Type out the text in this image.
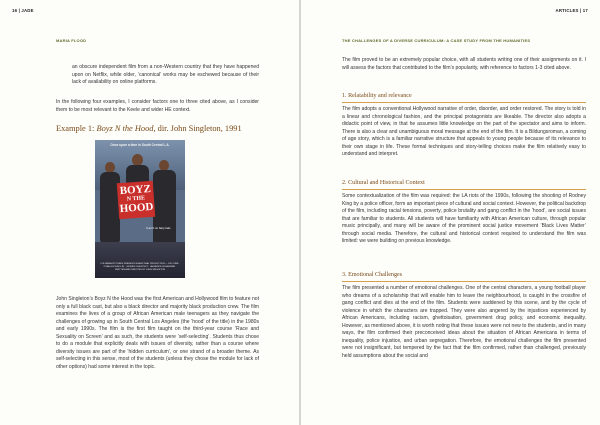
16 | JADE
MARIA FLOOD

an obscure independent film from a non-Western country that they have happened upon on Netflix, while older, ‘canonical’ works may be eschewed because of their lack of availability on online platforms.

In the following four examples, I consider factors one to three cited above, as I consider them to be most relevant to the Keele and wider HE context.

Example 1: Boyz N the Hood, dir. John Singleton, 1991
Once upon a time in South Central L.A.
BOYZ
N THE
HOOD
It ain't no fairy tale.
COLUMBIA PICTURES PRESENTS A NEW DEAL PRODUCTION — ICE CUBE · CUBA GOODING JR. · MORRIS CHESTNUT · LAURENCE FISHBURNE · WRITTEN AND DIRECTED BY JOHN SINGLETON

John Singleton’s Boyz N the Hood was the first American and Hollywood film to feature not only a full black cast, but also a black director and majority black production crew. The film examines the lives of a group of African American male teenagers as they navigate the challenges of growing up in South Central Los Angeles (the ‘hood’ of the title) in the 1980s and early 1990s. The film is the first film taught on the third-year course ‘Race and Sexuality on Screen’ and as such, the students were ‘self-selecting’. Students thus chose to do a module that explicitly deals with issues of diversity, rather than a course where diversity issues are part of the ‘hidden curriculum’, or one strand of a broader theme. As self-selecting in this sense, most of the students (unless they chose the module for lack of other options) had some interest in the topic.

ARTICLES | 17
THE CHALLENGES OF A DIVERSE CURRICULUM: A CASE STUDY FROM THE HUMANITIES

The film proved to be an extremely popular choice, with all students writing one of their assignments on it. I will assess the factors that contributed to the film’s popularity, with reference to factors 1-3 cited above.

1. Relatability and relevance

The film adopts a conventional Hollywood narrative of order, disorder, and order restored. The story is told in a linear and chronological fashion, and the principal protagonists are likeable. The director also adopts a didactic point of view, in that he assumes little knowledge on the part of the spectator and aims to inform. There is also a clear and unambiguous moral message at the end of the film. It is a Bildungsroman, a coming of age story, which is a familiar narrative structure that appeals to young people because of its relevance to their own stage in life. These formal techniques and story-telling choices make the film relatively easy to understand and interpret.

2. Cultural and Historical Context

Some contextualization of the film was required: the LA riots of the 1990s, following the shooting of Rodney King by a police officer, form an important piece of cultural and social context. However, the political backdrop of the film, including racial tensions, poverty, police brutality and gang conflict in the ‘hood’, are social issues that are familiar to students. All students will have familiarity with African American culture, through popular music principally, and many will be aware of the prominent social justice movement ‘Black Lives Matter’ through social media. Therefore, the cultural and historical context required to understand the film was limited: we were building on previous knowledge.

3. Emotional Challenges

The film presented a number of emotional challenges. One of the central characters, a young football player who dreams of a scholarship that will enable him to leave the neighbourhood, is caught in the crossfire of gang conflict and dies at the end of the film. Students were saddened by this scene, and by the cycle of violence in which the characters are trapped. They were also angered by the injustices experienced by African Americans, including racism, ghettoisation, government drug policy, and economic inequality. However, as mentioned above, it is worth noting that these issues were not new to the students, and in many ways, the film confirmed their preconceived ideas about the situation of African Americans in terms of inequality, police injustice, and urban segregation. Therefore, the emotional challenges the film presented were not insignificant, but tempered by the fact that the film confirmed, rather than challenged, previously held assumptions about the social and
